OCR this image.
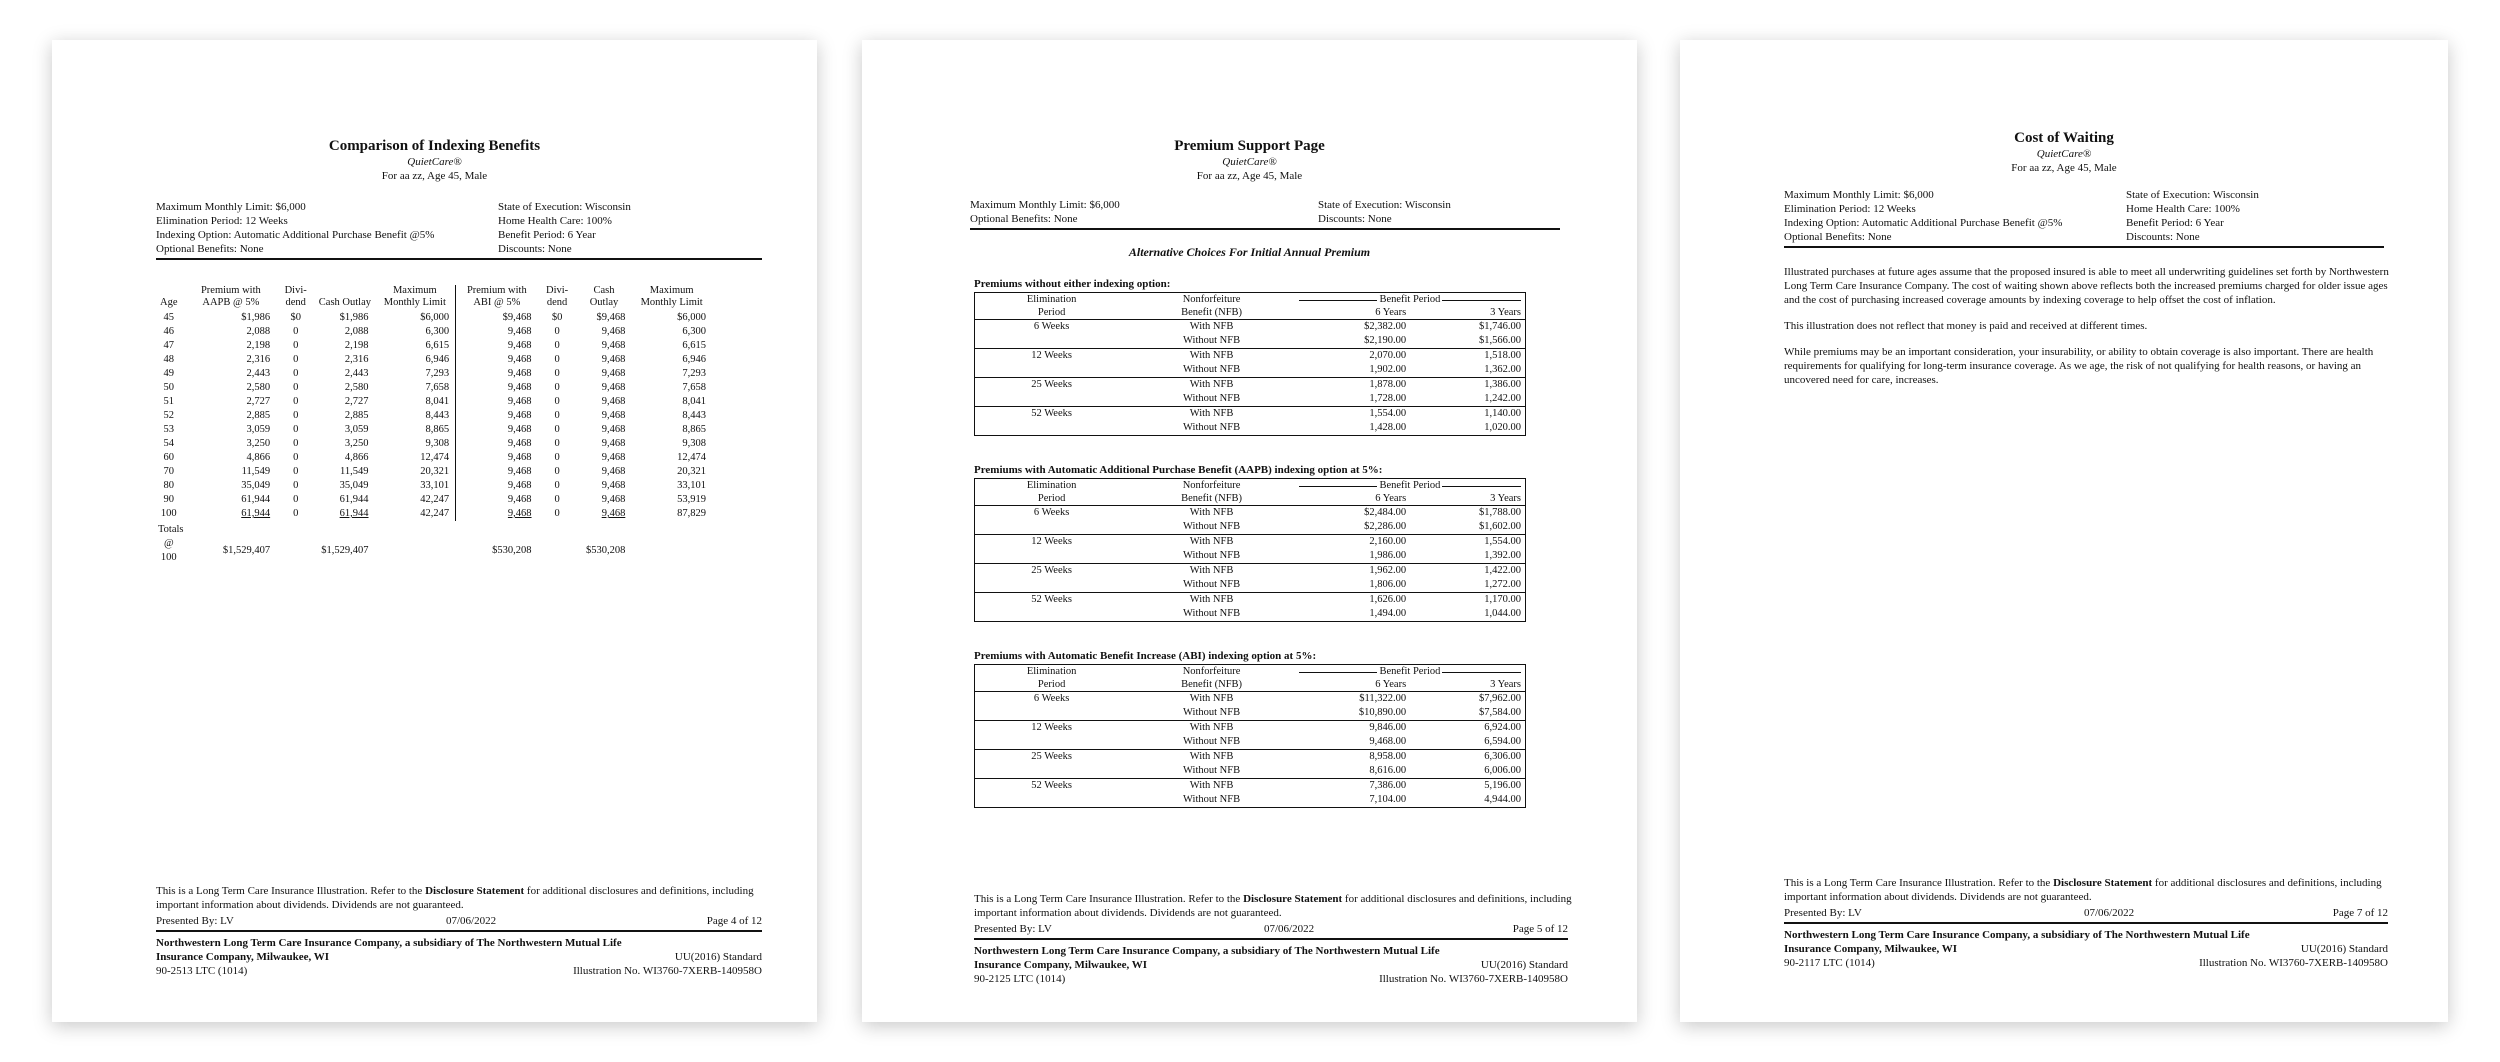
Comparison of Indexing Benefits
QuietCare®
For aa zz, Age 45, Male
Maximum Monthly Limit: $6,000
Elimination Period: 12 Weeks
Indexing Option: Automatic Additional Purchase Benefit @5%
Optional Benefits: None
State of Execution: Wisconsin
Home Health Care: 100%
Benefit Period: 6 Year
Discounts: None
Age	Premium with AAPB @ 5%	Divi- dend	Cash Outlay	Maximum Monthly Limit	Premium with ABI @ 5%	Divi- dend	Cash Outlay	Maximum Monthly Limit
45	$1,986	$0	$1,986	$6,000	$9,468	$0	$9,468	$6,000
46	2,088	0	2,088	6,300	9,468	0	9,468	6,300
47	2,198	0	2,198	6,615	9,468	0	9,468	6,615
48	2,316	0	2,316	6,946	9,468	0	9,468	6,946
49	2,443	0	2,443	7,293	9,468	0	9,468	7,293
50	2,580	0	2,580	7,658	9,468	0	9,468	7,658
51	2,727	0	2,727	8,041	9,468	0	9,468	8,041
52	2,885	0	2,885	8,443	9,468	0	9,468	8,443
53	3,059	0	3,059	8,865	9,468	0	9,468	8,865
54	3,250	0	3,250	9,308	9,468	0	9,468	9,308
60	4,866	0	4,866	12,474	9,468	0	9,468	12,474
70	11,549	0	11,549	20,321	9,468	0	9,468	20,321
80	35,049	0	35,049	33,101	9,468	0	9,468	33,101
90	61,944	0	61,944	42,247	9,468	0	9,468	53,919
100	61,944	0	61,944	42,247	9,468	0	9,468	87,829
Totals								
@ 100	$1,529,407		$1,529,407		$530,208		$530,208	
This is a Long Term Care Insurance Illustration. Refer to the Disclosure Statement for additional disclosures and definitions, including important information about dividends. Dividends are not guaranteed.
Presented By: LV	07/06/2022	Page 4 of 12
Northwestern Long Term Care Insurance Company, a subsidiary of The Northwestern Mutual Life
Insurance Company, Milwaukee, WI	UU(2016) Standard
90-2513 LTC (1014)	Illustration No. WI3760-7XERB-140958O
Premium Support Page
QuietCare®
For aa zz, Age 45, Male
Maximum Monthly Limit: $6,000
Optional Benefits: None
State of Execution: Wisconsin
Discounts: None
Alternative Choices For Initial Annual Premium
Premiums without either indexing option:
Elimination	Nonforfeiture	Benefit Period	
Period	Benefit (NFB)	6 Years	3 Years
6 Weeks	With NFB	$2,382.00	$1,746.00
	Without NFB	$2,190.00	$1,566.00
12 Weeks	With NFB	2,070.00	1,518.00
	Without NFB	1,902.00	1,362.00
25 Weeks	With NFB	1,878.00	1,386.00
	Without NFB	1,728.00	1,242.00
52 Weeks	With NFB	1,554.00	1,140.00
	Without NFB	1,428.00	1,020.00
Premiums with Automatic Additional Purchase Benefit (AAPB) indexing option at 5%:
Elimination	Nonforfeiture	Benefit Period	
Period	Benefit (NFB)	6 Years	3 Years
6 Weeks	With NFB	$2,484.00	$1,788.00
	Without NFB	$2,286.00	$1,602.00
12 Weeks	With NFB	2,160.00	1,554.00
	Without NFB	1,986.00	1,392.00
25 Weeks	With NFB	1,962.00	1,422.00
	Without NFB	1,806.00	1,272.00
52 Weeks	With NFB	1,626.00	1,170.00
	Without NFB	1,494.00	1,044.00
Premiums with Automatic Benefit Increase (ABI) indexing option at 5%:
Elimination	Nonforfeiture	Benefit Period	
Period	Benefit (NFB)	6 Years	3 Years
6 Weeks	With NFB	$11,322.00	$7,962.00
	Without NFB	$10,890.00	$7,584.00
12 Weeks	With NFB	9,846.00	6,924.00
	Without NFB	9,468.00	6,594.00
25 Weeks	With NFB	8,958.00	6,306.00
	Without NFB	8,616.00	6,006.00
52 Weeks	With NFB	7,386.00	5,196.00
	Without NFB	7,104.00	4,944.00
This is a Long Term Care Insurance Illustration. Refer to the Disclosure Statement for additional disclosures and definitions, including important information about dividends. Dividends are not guaranteed.
Presented By: LV	07/06/2022	Page 5 of 12
Northwestern Long Term Care Insurance Company, a subsidiary of The Northwestern Mutual Life
Insurance Company, Milwaukee, WI	UU(2016) Standard
90-2125 LTC (1014)	Illustration No. WI3760-7XERB-140958O
Cost of Waiting
QuietCare®
For aa zz, Age 45, Male
Maximum Monthly Limit: $6,000
Elimination Period: 12 Weeks
Indexing Option: Automatic Additional Purchase Benefit @5%
Optional Benefits: None
State of Execution: Wisconsin
Home Health Care: 100%
Benefit Period: 6 Year
Discounts: None

Illustrated purchases at future ages assume that the proposed insured is able to meet all underwriting guidelines set forth by Northwestern Long Term Care Insurance Company. The cost of waiting shown above reflects both the increased premiums charged for older issue ages and the cost of purchasing increased coverage amounts by indexing coverage to help offset the cost of inflation.

This illustration does not reflect that money is paid and received at different times.

While premiums may be an important consideration, your insurability, or ability to obtain coverage is also important. There are health requirements for qualifying for long-term insurance coverage. As we age, the risk of not qualifying for health reasons, or having an uncovered need for care, increases.

This is a Long Term Care Insurance Illustration. Refer to the Disclosure Statement for additional disclosures and definitions, including important information about dividends. Dividends are not guaranteed.
Presented By: LV	07/06/2022	Page 7 of 12
Northwestern Long Term Care Insurance Company, a subsidiary of The Northwestern Mutual Life
Insurance Company, Milwaukee, WI	UU(2016) Standard
90-2117 LTC (1014)	Illustration No. WI3760-7XERB-140958O
